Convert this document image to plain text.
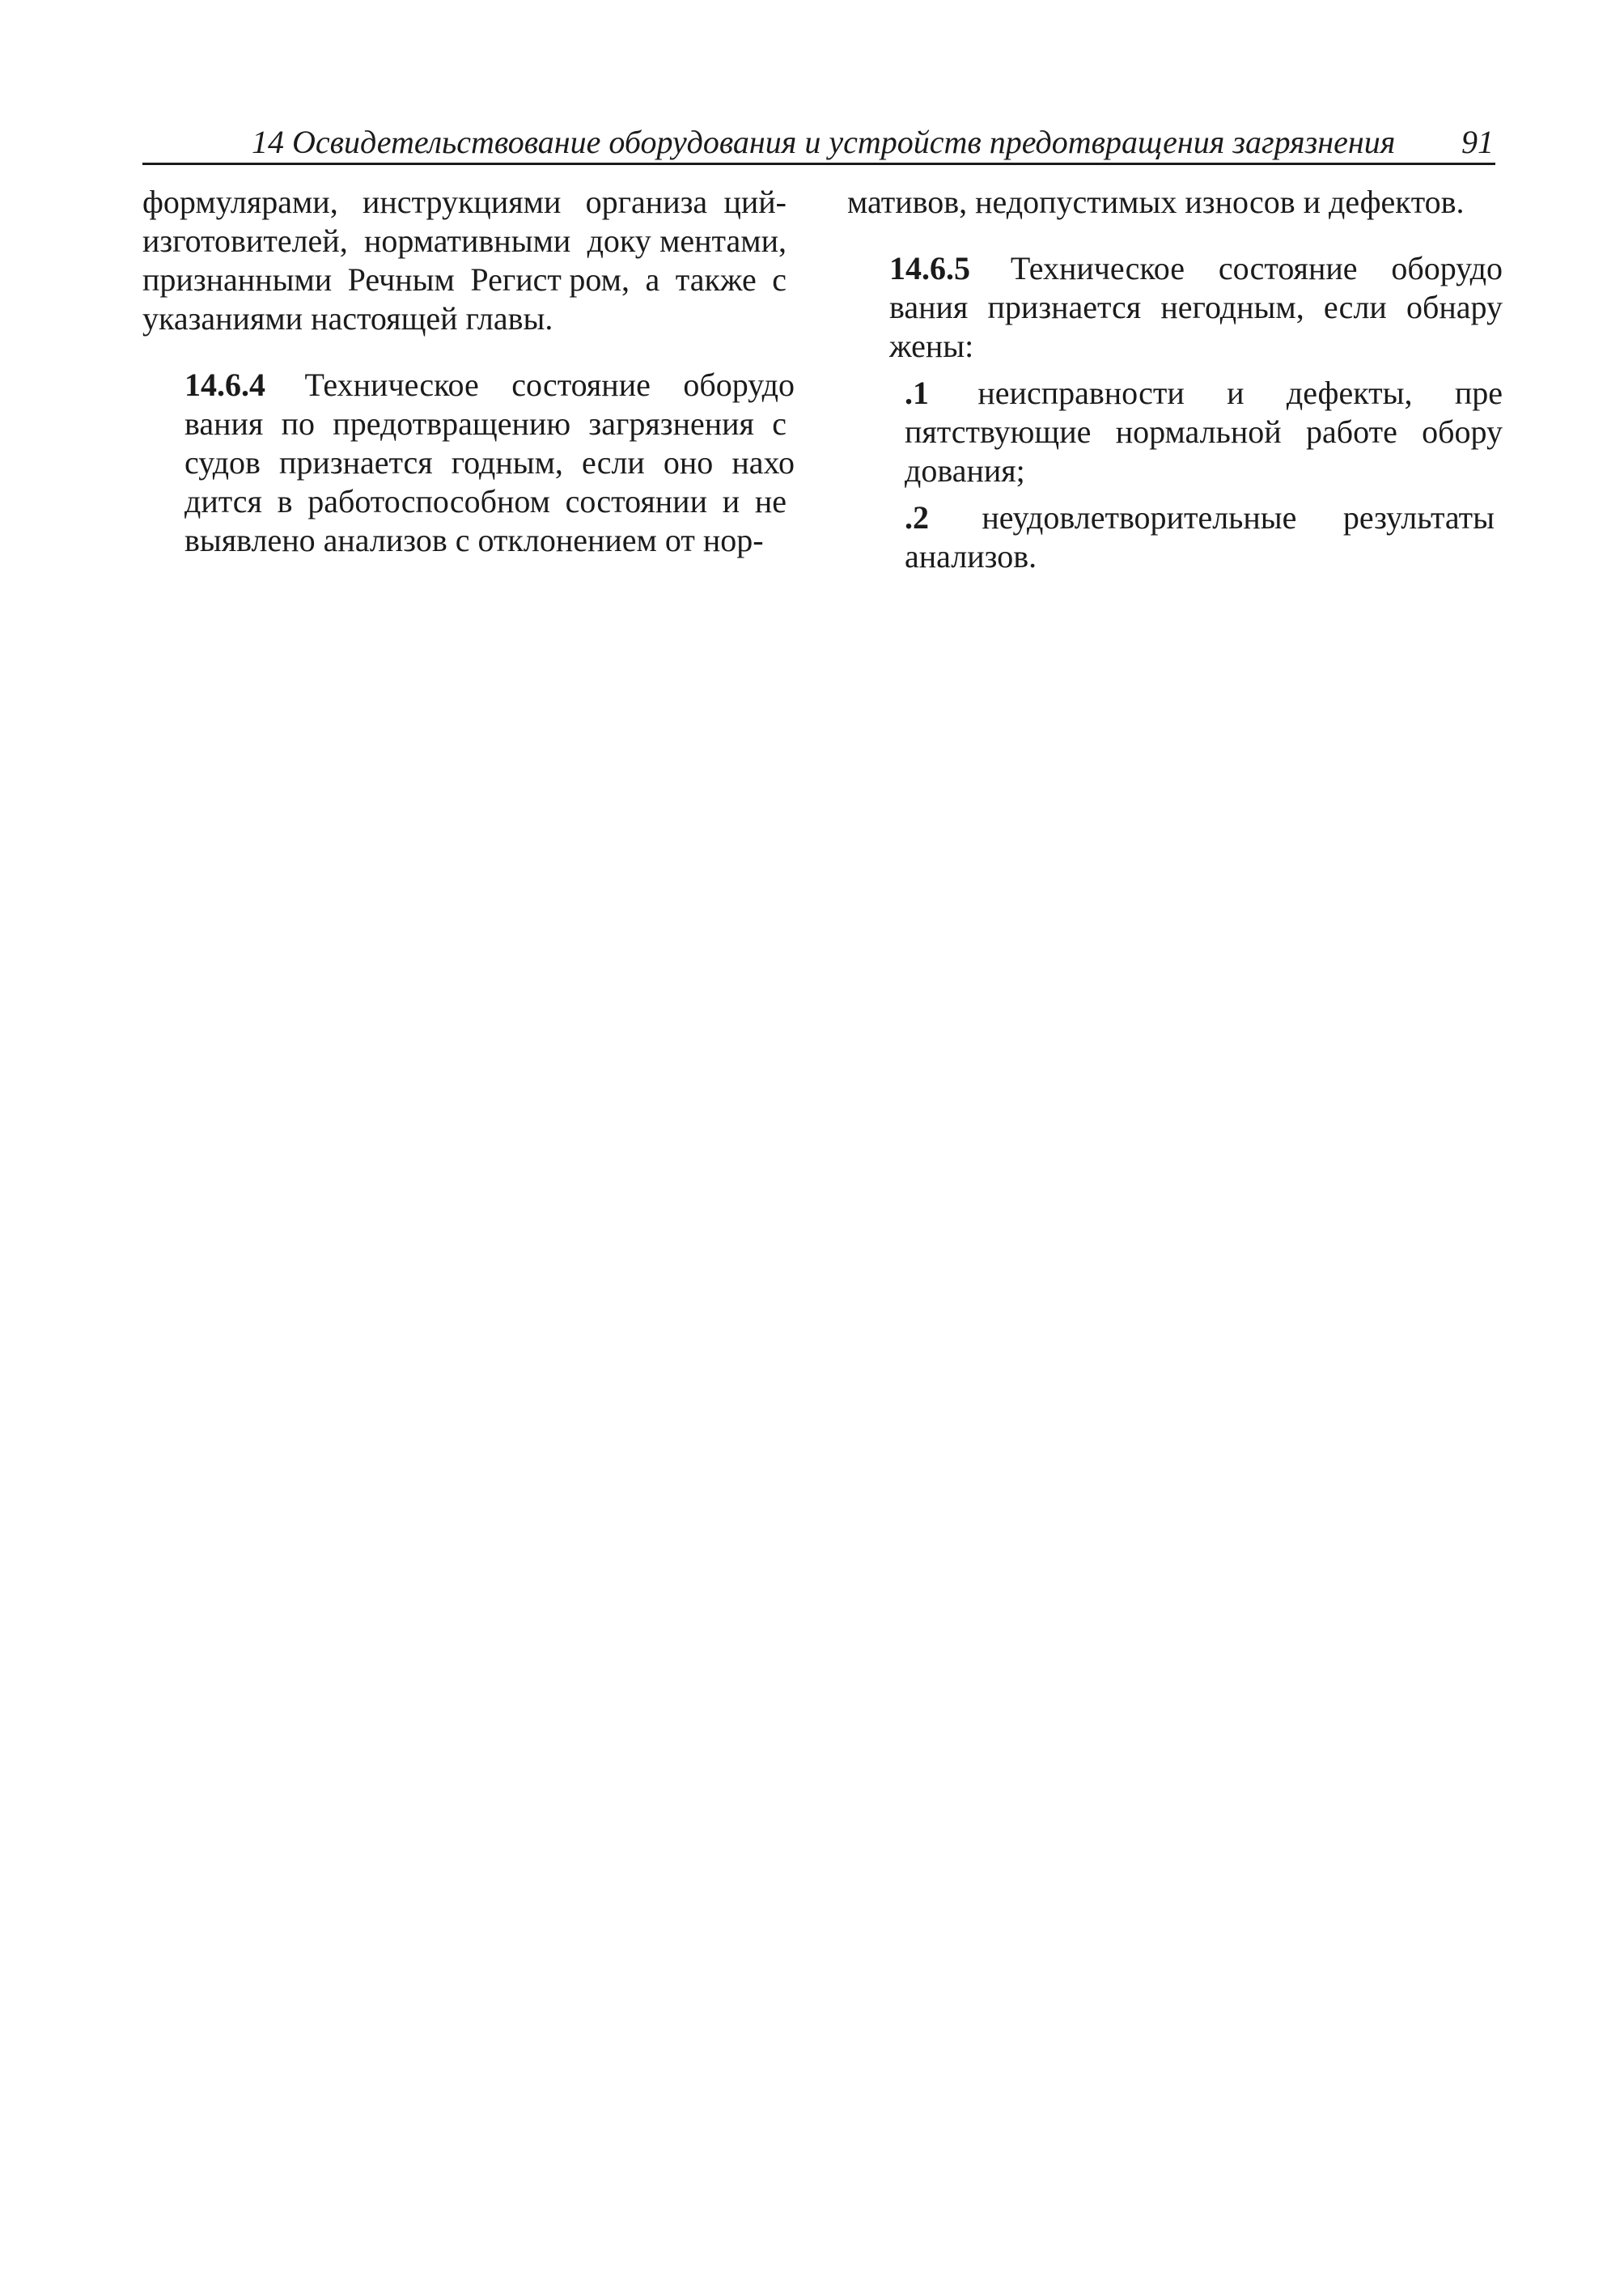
14 Освидетельствование оборудования и устройств предотвращения загрязнения 91

формулярами, инструкциями организа ций-изготовителей, нормативными доку ментами, признанными Речным Регист ром, а также с указаниями настоящей гла вы.

14.6.4 Техническое состояние оборудо вания по предотвращению загрязнения с судов признается годным, если оно нахо дится в работоспособном состоянии и не выявлено анализов с отклонением от нор-

мативов, недопустимых износов и дефек тов.

14.6.5 Техническое состояние оборудо вания признается негодным, если обнару жены:

.1 неисправности и дефекты, пре пятствующие нормальной работе обору дования;

.2 неудовлетворительные результаты анализов.
